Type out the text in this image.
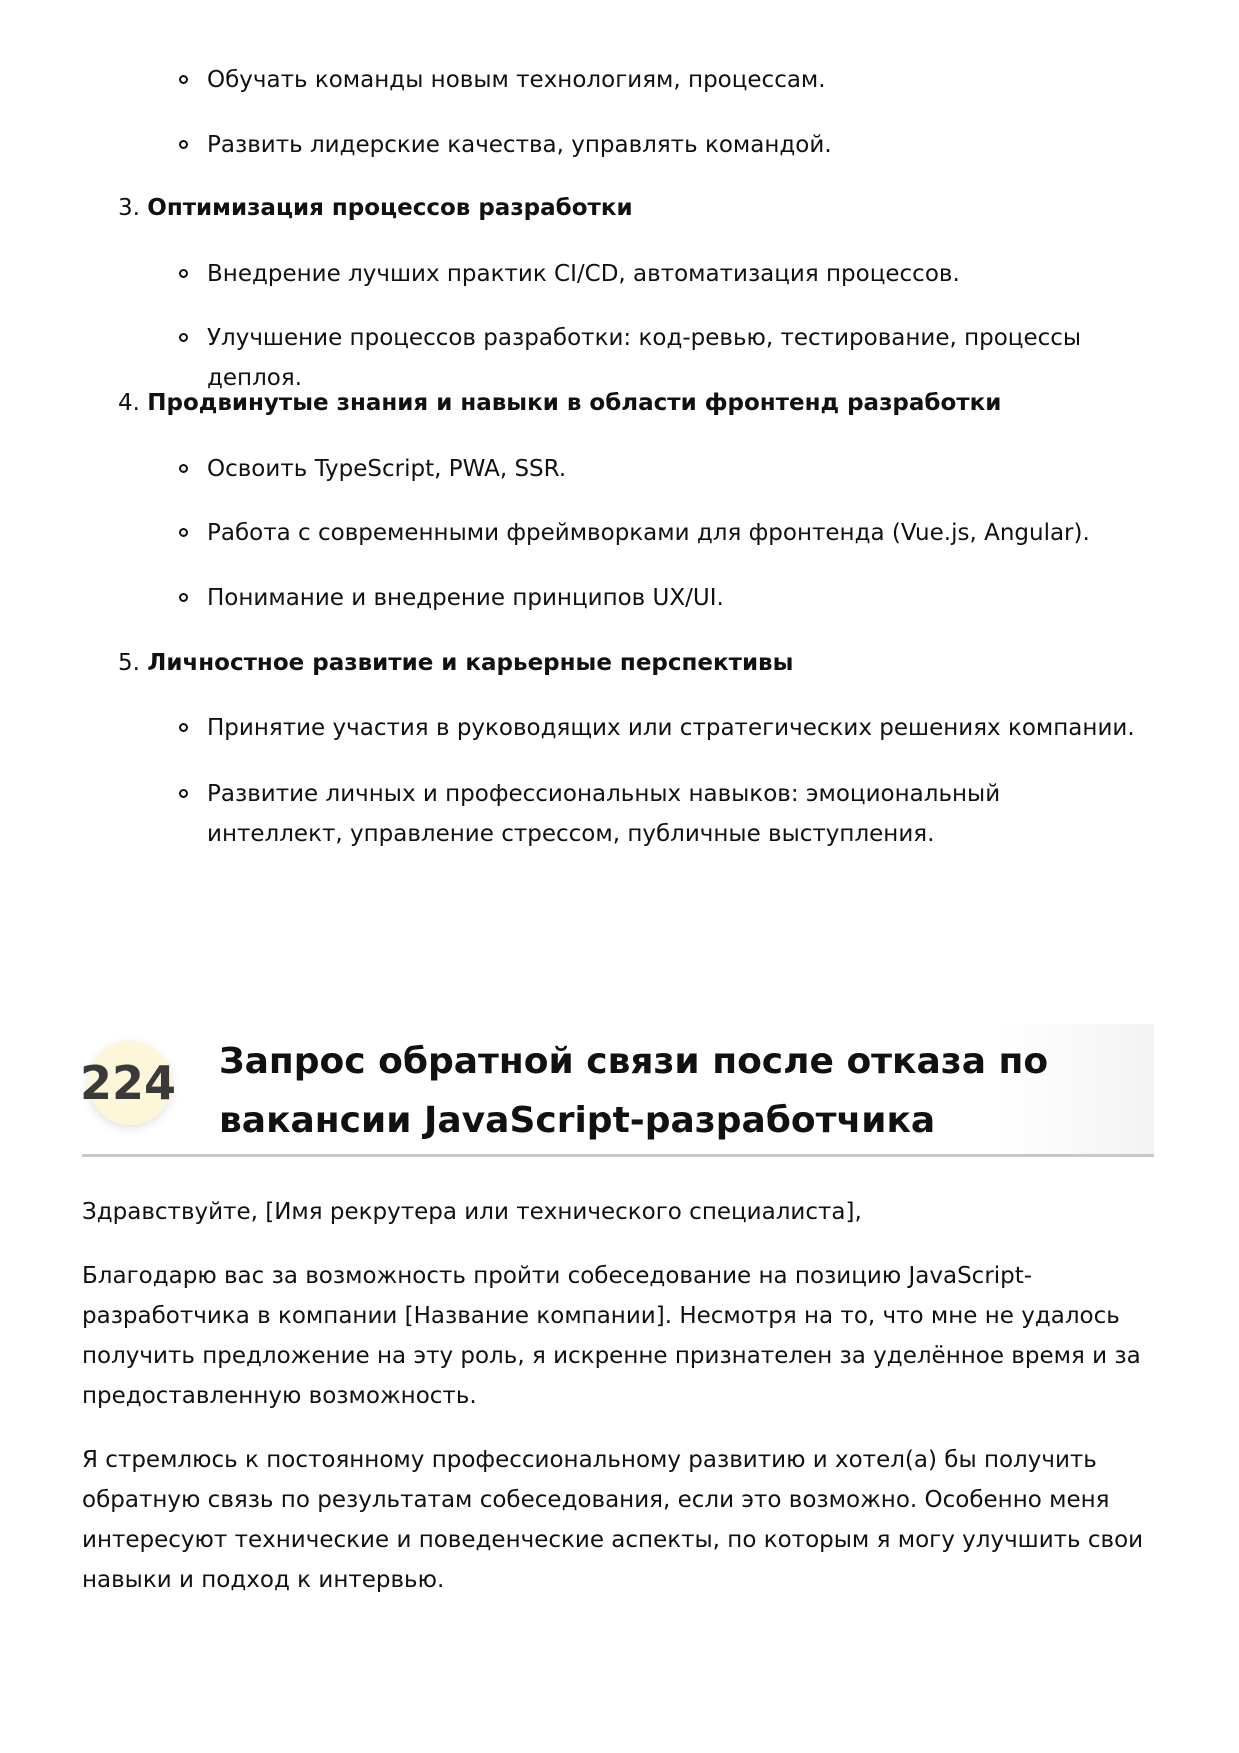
Обучать команды новым технологиям, процессам.
Развить лидерские качества, управлять командой.
3. Оптимизация процессов разработки
Внедрение лучших практик CI/CD, автоматизация процессов.
Улучшение процессов разработки: код-ревью, тестирование, процессы деплоя.
4. Продвинутые знания и навыки в области фронтенд разработки
Освоить TypeScript, PWA, SSR.
Работа с современными фреймворками для фронтенда (Vue.js, Angular).
Понимание и внедрение принципов UX/UI.
5. Личностное развитие и карьерные перспективы
Принятие участия в руководящих или стратегических решениях компании.
Развитие личных и профессиональных навыков: эмоциональный интеллект, управление стрессом, публичные выступления.
224 Запрос обратной связи после отказа по вакансии JavaScript-разработчика
Здравствуйте, [Имя рекрутера или технического специалиста],
Благодарю вас за возможность пройти собеседование на позицию JavaScript-разработчика в компании [Название компании]. Несмотря на то, что мне не удалось получить предложение на эту роль, я искренне признателен за уделённое время и за предоставленную возможность.
Я стремлюсь к постоянному профессиональному развитию и хотел(а) бы получить обратную связь по результатам собеседования, если это возможно. Особенно меня интересуют технические и поведенческие аспекты, по которым я могу улучшить свои навыки и подход к интервью.
